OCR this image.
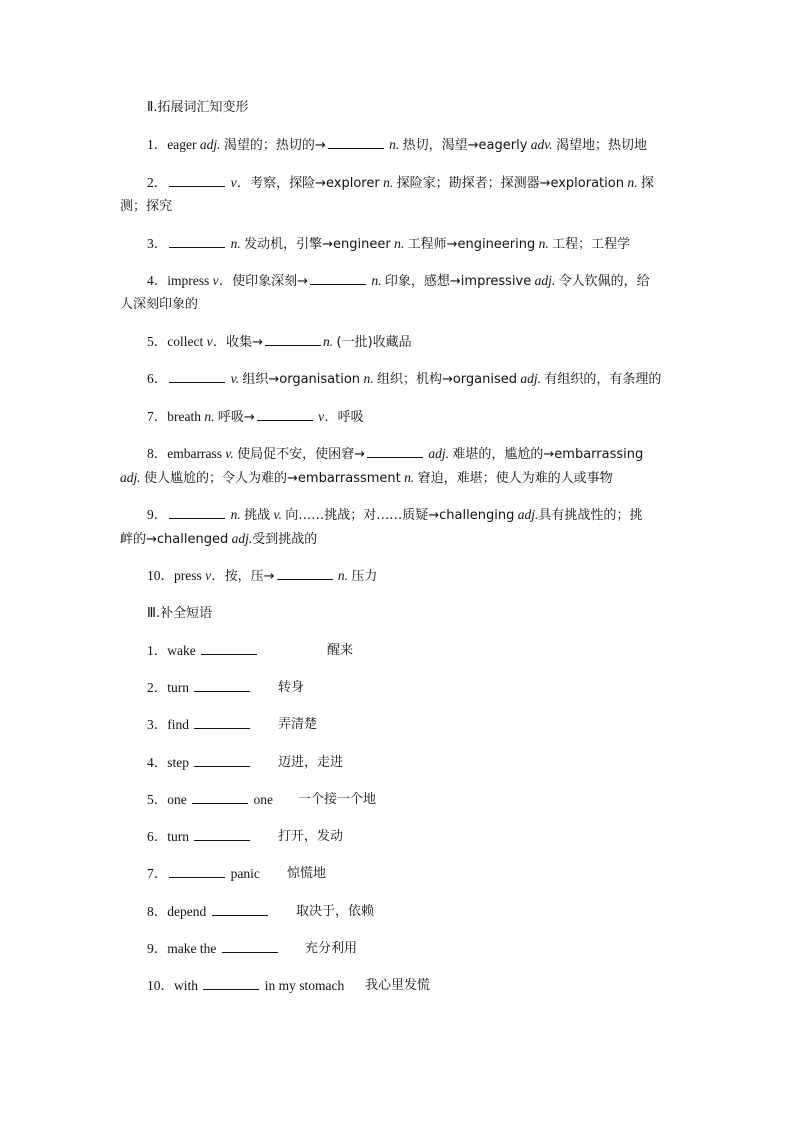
Ⅱ.拓展词汇知变形
1．eager adj. 渴望的；热切的→	n. 热切，渴望→eagerly adv. 渴望地；热切地
2．	v．考察，探险→explorer n. 探险家；勘探者；探测器→exploration n. 探
测；探究
3．	n. 发动机，引擎→engineer n. 工程师→engineering n. 工程；工程学
4．impress v．使印象深刻→	n. 印象，感想→impressive adj. 令人钦佩的，给
人深刻印象的
5．collect v．收集→	n. (一批)收藏品
6．	v. 组织→organisation n. 组织；机构→organised adj. 有组织的，有条理的
7．breath n. 呼吸→	v．呼吸
8．embarrass v. 使局促不安，使困窘→	adj. 难堪的，尴尬的→embarrassing
adj. 使人尴尬的；令人为难的→embarrassment n. 窘迫，难堪；使人为难的人或事物
9．	n. 挑战 v. 向……挑战；对……质疑→challenging adj.具有挑战性的；挑
衅的→challenged adj.受到挑战的
10．press v．按，压→	n. 压力
Ⅲ.补全短语
1．wake	醒来
2．turn	转身
3．find	弄清楚
4．step	迈进，走进
5．one	one 一个接一个地
6．turn	打开，发动
7．	panic 惊慌地
8．depend	取决于，依赖
9．make the	充分利用
10．with	in my stomach 我心里发慌
